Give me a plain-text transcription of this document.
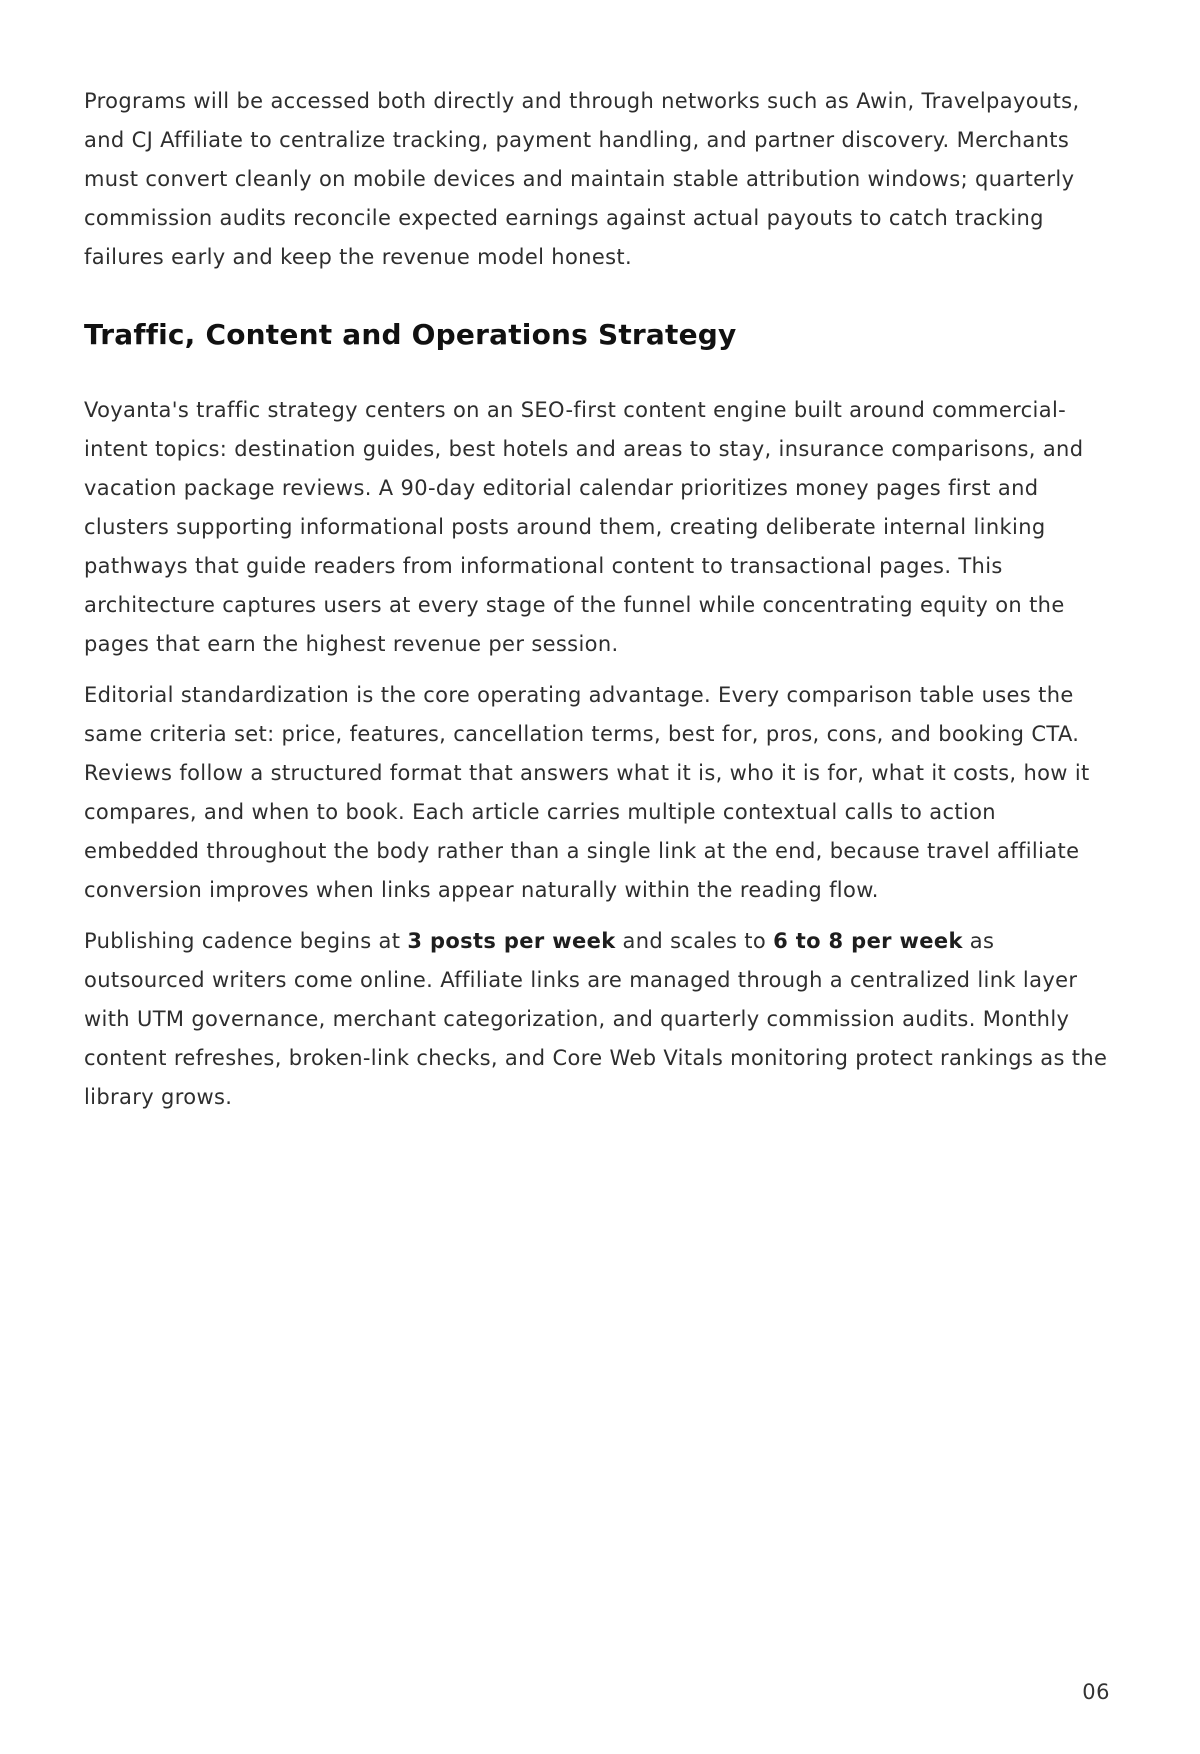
Programs will be accessed both directly and through networks such as Awin, Travelpayouts, and CJ Affiliate to centralize tracking, payment handling, and partner discovery. Merchants must convert cleanly on mobile devices and maintain stable attribution windows; quarterly commission audits reconcile expected earnings against actual payouts to catch tracking failures early and keep the revenue model honest.

Traffic, Content and Operations Strategy

Voyanta's traffic strategy centers on an SEO-first content engine built around commercial-intent topics: destination guides, best hotels and areas to stay, insurance comparisons, and vacation package reviews. A 90-day editorial calendar prioritizes money pages first and clusters supporting informational posts around them, creating deliberate internal linking pathways that guide readers from informational content to transactional pages. This architecture captures users at every stage of the funnel while concentrating equity on the pages that earn the highest revenue per session.

Editorial standardization is the core operating advantage. Every comparison table uses the same criteria set: price, features, cancellation terms, best for, pros, cons, and booking CTA. Reviews follow a structured format that answers what it is, who it is for, what it costs, how it compares, and when to book. Each article carries multiple contextual calls to action embedded throughout the body rather than a single link at the end, because travel affiliate conversion improves when links appear naturally within the reading flow.

Publishing cadence begins at 3 posts per week and scales to 6 to 8 per week as outsourced writers come online. Affiliate links are managed through a centralized link layer with UTM governance, merchant categorization, and quarterly commission audits. Monthly content refreshes, broken-link checks, and Core Web Vitals monitoring protect rankings as the library grows.

06
